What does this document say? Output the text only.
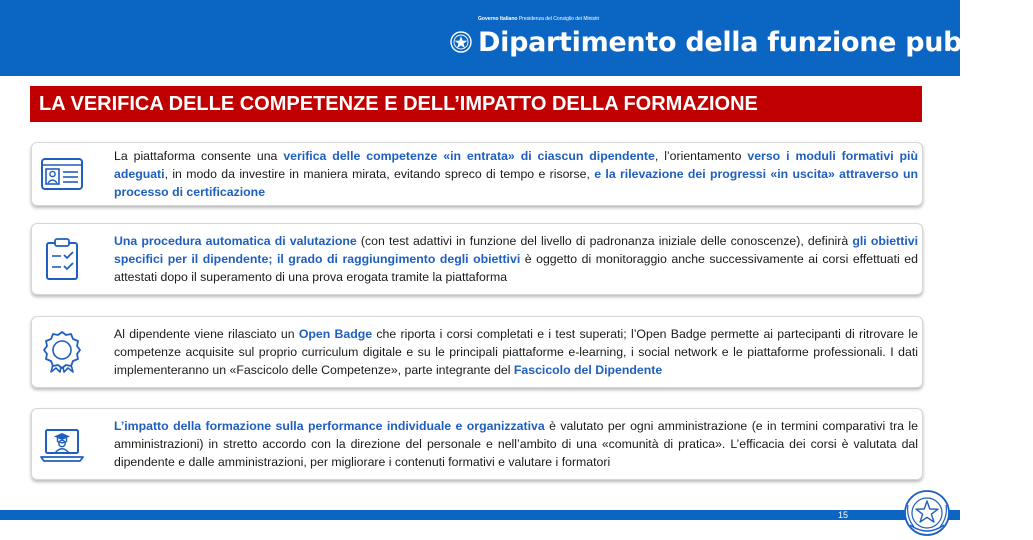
Governo Italiano Presidenza del Consiglio dei Ministri
Dipartimento della funzione pubblica
LA VERIFICA DELLE COMPETENZE E DELL’IMPATTO DELLA FORMAZIONE
La piattaforma consente una verifica delle competenze «in entrata» di ciascun dipendente, l’orientamento verso i moduli formativi più adeguati, in modo da investire in maniera mirata, evitando spreco di tempo e risorse, e la rilevazione dei progressi «in uscita» attraverso un processo di certificazione
Una procedura automatica di valutazione (con test adattivi in funzione del livello di padronanza iniziale delle conoscenze), definirà gli obiettivi specifici per il dipendente; il grado di raggiungimento degli obiettivi è oggetto di monitoraggio anche successivamente ai corsi effettuati ed attestati dopo il superamento di una prova erogata tramite la piattaforma
Al dipendente viene rilasciato un Open Badge che riporta i corsi completati e i test superati; l’Open Badge permette ai partecipanti di ritrovare le competenze acquisite sul proprio curriculum digitale e su le principali piattaforme e-learning, i social network e le piattaforme professionali. I dati implementeranno un «Fascicolo delle Competenze», parte integrante del Fascicolo del Dipendente
L’impatto della formazione sulla performance individuale e organizzativa è valutato per ogni amministrazione (e in termini comparativi tra le amministrazioni) in stretto accordo con la direzione del personale e nell’ambito di una «comunità di pratica». L’efficacia dei corsi è valutata dal dipendente e dalle amministrazioni, per migliorare i contenuti formativi e valutare i formatori
15
